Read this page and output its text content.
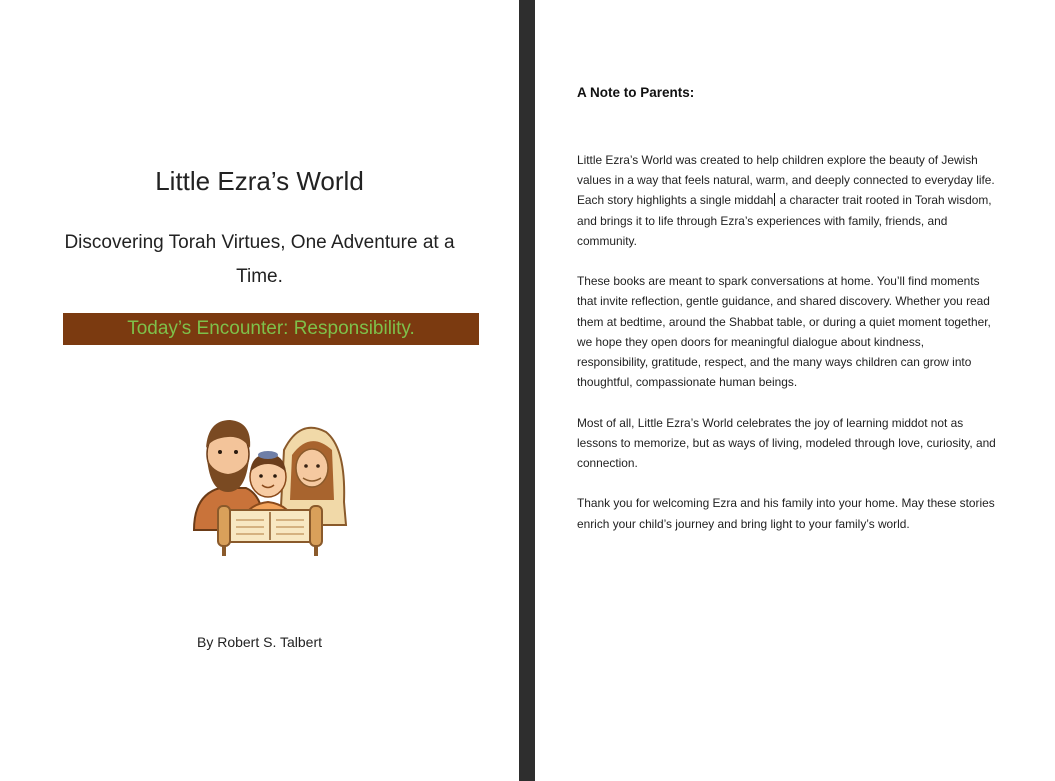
Little Ezra’s World
Discovering Torah Virtues, One Adventure at a Time.
Today’s Encounter: Responsibility.
By Robert S. Talbert
A Note to Parents:

Little Ezra’s World was created to help children explore the beauty of Jewish values in a way that feels natural, warm, and deeply connected to everyday life. Each story highlights a single middah a character trait rooted in Torah wisdom, and brings it to life through Ezra’s experiences with family, friends, and community.

These books are meant to spark conversations at home. You’ll find moments that invite reflection, gentle guidance, and shared discovery. Whether you read them at bedtime, around the Shabbat table, or during a quiet moment together, we hope they open doors for meaningful dialogue about kindness, responsibility, gratitude, respect, and the many ways children can grow into thoughtful, compassionate human beings.

Most of all, Little Ezra’s World celebrates the joy of learning middot not as lessons to memorize, but as ways of living, modeled through love, curiosity, and connection.

Thank you for welcoming Ezra and his family into your home. May these stories enrich your child’s journey and bring light to your family’s world.
